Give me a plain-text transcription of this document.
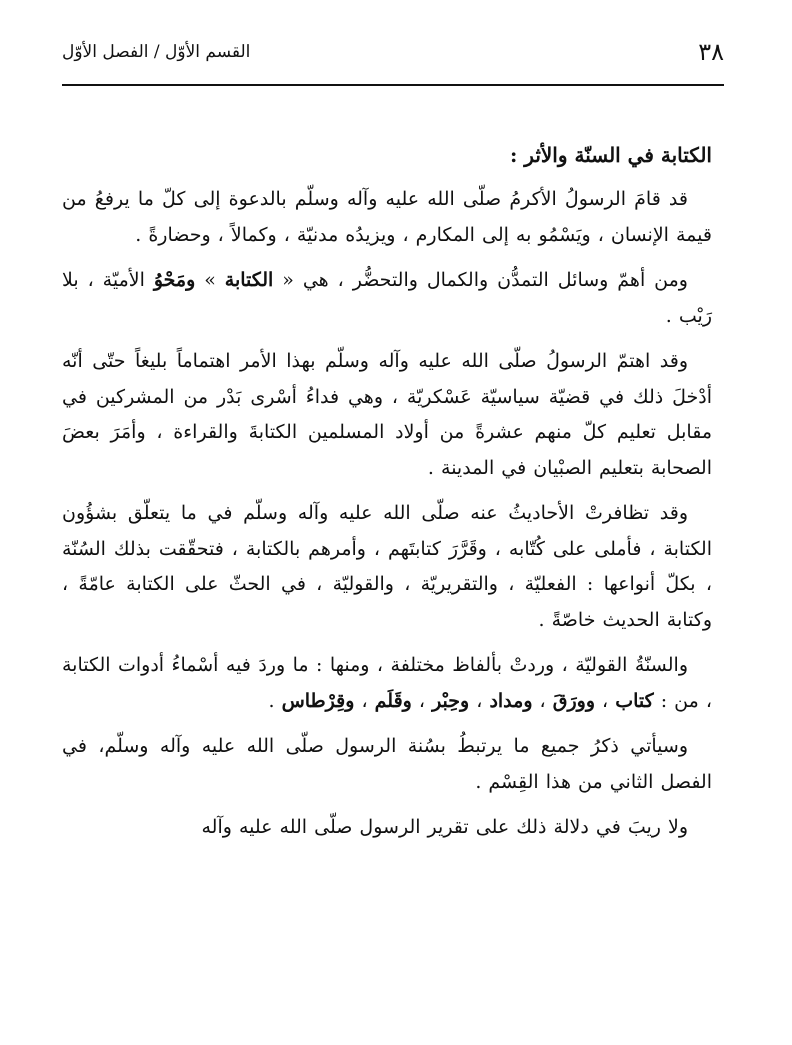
٣٨
القسم الأوّل / الفصل الأوّل
الكتابة في السنّة والأثر :

قد قامَ الرسولُ الأكرمُ صلّى الله عليه وآله وسلّم بالدعوة إلى كلّ ما يرفعُ من قيمة الإنسان ، ويَسْمُو به إلى المكارم ، ويزيدُه مدنيّة ، وكمالاً ، وحضارةً .

ومن أهمّ وسائل التمدُّن والكمال والتحضُّر ، هي « الكتابة » ومَحْوُ الأميّة ، بلا رَيْب .

وقد اهتمّ الرسولُ صلّى الله عليه وآله وسلّم بهذا الأمر اهتماماً بليغاً حتّى أنّه أدْخلَ ذلك في قضيّة سياسيّة عَسْكريّة ، وهي فداءُ أسْرى بَدْر من المشركين في مقابل تعليم كلّ منهم عشرةً من أولاد المسلمين الكتابةَ والقراءة ، وأمَرَ بعضَ الصحابة بتعليم الصبْيان في المدينة .

وقد تظافرتْ الأحاديثُ عنه صلّى الله عليه وآله وسلّم في ما يتعلّق بشؤُون الكتابة ، فأملى على كُتّابه ، وقَرَّرَ كتابتَهم ، وأمرهم بالكتابة ، فتحقّقت بذلك السُنّة ، بكلّ أنواعها : الفعليّة ، والتقريريّة ، والقوليّة ، في الحثّ على الكتابة عامّةً ، وكتابة الحديث خاصّةً .

والسنّةُ القوليّة ، وردتْ بألفاظ مختلفة ، ومنها : ما وردَ فيه أسْماءُ أدوات الكتابة ، من : كتاب ، وورَقَ ، ومداد ، وحِبْر ، وقَلَم ، وقِرْطاس .

وسيأتي ذكرُ جميع ما يرتبطُ بسُنة الرسول صلّى الله عليه وآله وسلّم، في الفصل الثاني من هذا القِسْم .

ولا ريبَ في دلالة ذلك على تقرير الرسول صلّى الله عليه وآله
